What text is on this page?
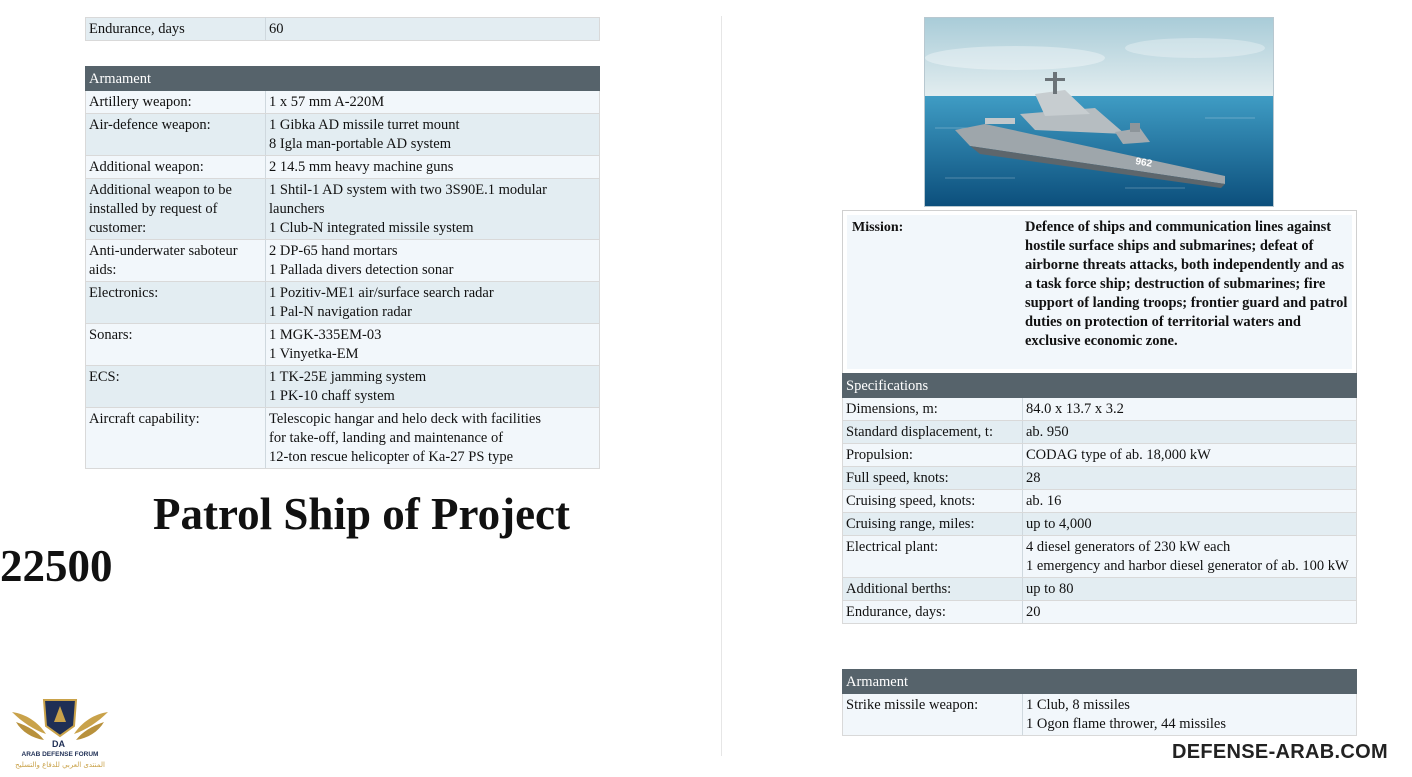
Endurance, days	60
Armament	

Artillery weapon:	1 x 57 mm A-220M

Air-defence weapon:	1 Gibka AD missile turret mount
8 Igla man-portable AD system

Additional weapon:	2 14.5 mm heavy machine guns

Additional weapon to be
installed by request of
customer:	1 Shtil-1 AD system with two 3S90E.1 modular
launchers
1 Club-N integrated missile system

Anti-underwater saboteur
aids:	2 DP-65 hand mortars
1 Pallada divers detection sonar

Electronics:	1 Pozitiv-ME1 air/surface search radar
1 Pal-N navigation radar

Sonars:	1 MGK-335EM-03
1 Vinyetka-EM

ECS:	1 TK-25E jamming system
1 PK-10 chaff system

Aircraft capability:	Telescopic hangar and helo deck with facilities
for take-off, landing and maintenance of
12-ton rescue helicopter of Ka-27 PS type
Patrol Ship of Project
22500
962
Mission:	Defence of ships and communication lines against hostile surface ships and submarines; defeat of airborne threats attacks, both independently and as a task force ship; destruction of submarines; fire support of landing troops; frontier guard and patrol duties on protection of territorial waters and exclusive economic zone.
Specifications	

Dimensions, m:	84.0 x 13.7 x 3.2

Standard displacement, t:	ab. 950

Propulsion:	CODAG type of ab. 18,000 kW

Full speed, knots:	28

Cruising speed, knots:	ab. 16

Cruising range, miles:	up to 4,000

Electrical plant:	4 diesel generators of 230 kW each
1 emergency and harbor diesel generator of ab. 100 kW

Additional berths:	up to 80

Endurance, days:	20
Armament

Strike missile weapon:	1 Club, 8 missiles
1 Ogon flame thrower, 44 missiles
DA
ARAB DEFENSE FORUM
المنتدى العربي للدفاع والتسليح
DEFENSE-ARAB.COM
